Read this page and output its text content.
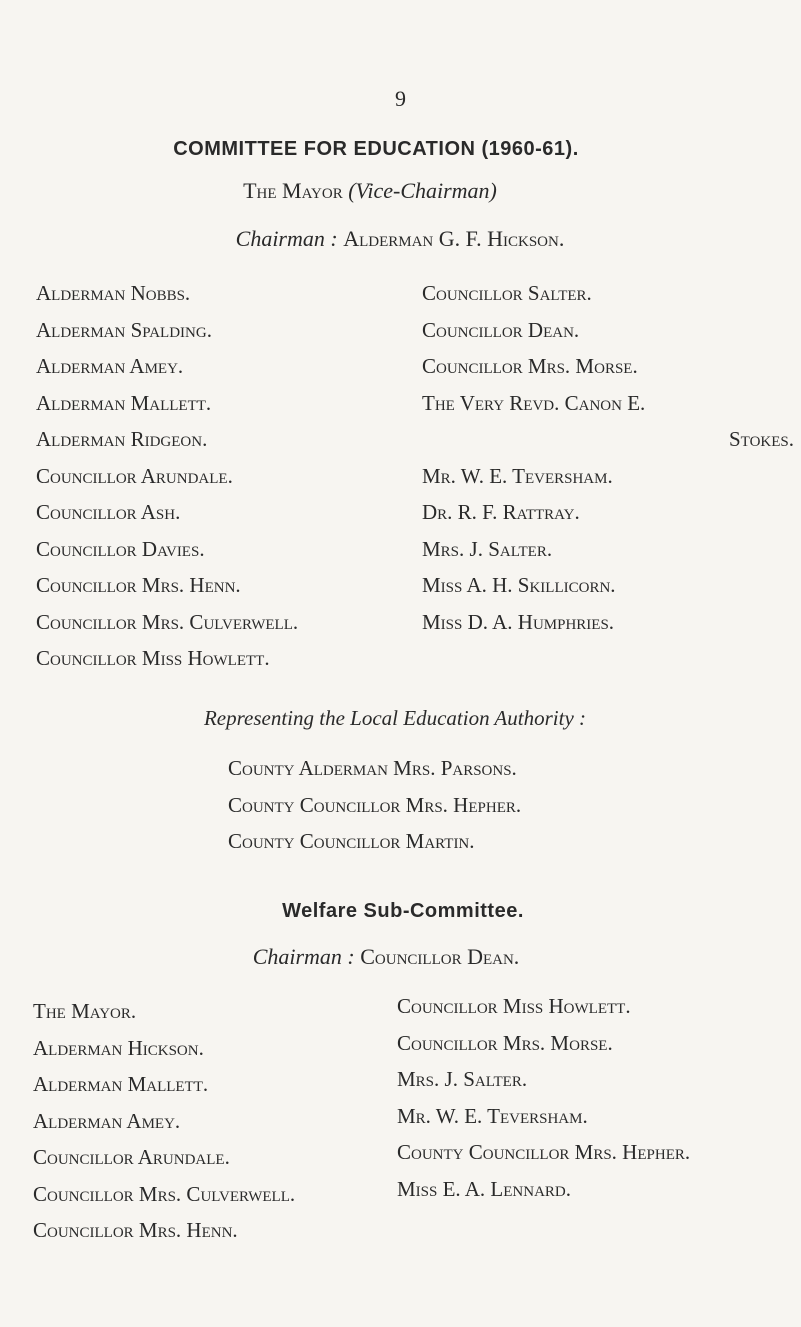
9
COMMITTEE FOR EDUCATION (1960-61).
The Mayor (Vice-Chairman)
Chairman : Alderman G. F. Hickson.
Alderman Nobbs.
Alderman Spalding.
Alderman Amey.
Alderman Mallett.
Alderman Ridgeon.
Councillor Arundale.
Councillor Ash.
Councillor Davies.
Councillor Mrs. Henn.
Councillor Mrs. Culverwell.
Councillor Miss Howlett.
Councillor Salter.
Councillor Dean.
Councillor Mrs. Morse.
The Very Revd. Canon E.
Stokes.
Mr. W. E. Teversham.
Dr. R. F. Rattray.
Mrs. J. Salter.
Miss A. H. Skillicorn.
Miss D. A. Humphries.
Representing the Local Education Authority :
County Alderman Mrs. Parsons.
County Councillor Mrs. Hepher.
County Councillor Martin.
Welfare Sub-Committee.
Chairman : Councillor Dean.
The Mayor.
Alderman Hickson.
Alderman Mallett.
Alderman Amey.
Councillor Arundale.
Councillor Mrs. Culverwell.
Councillor Mrs. Henn.
Councillor Miss Howlett.
Councillor Mrs. Morse.
Mrs. J. Salter.
Mr. W. E. Teversham.
County Councillor Mrs. Hepher.
Miss E. A. Lennard.
